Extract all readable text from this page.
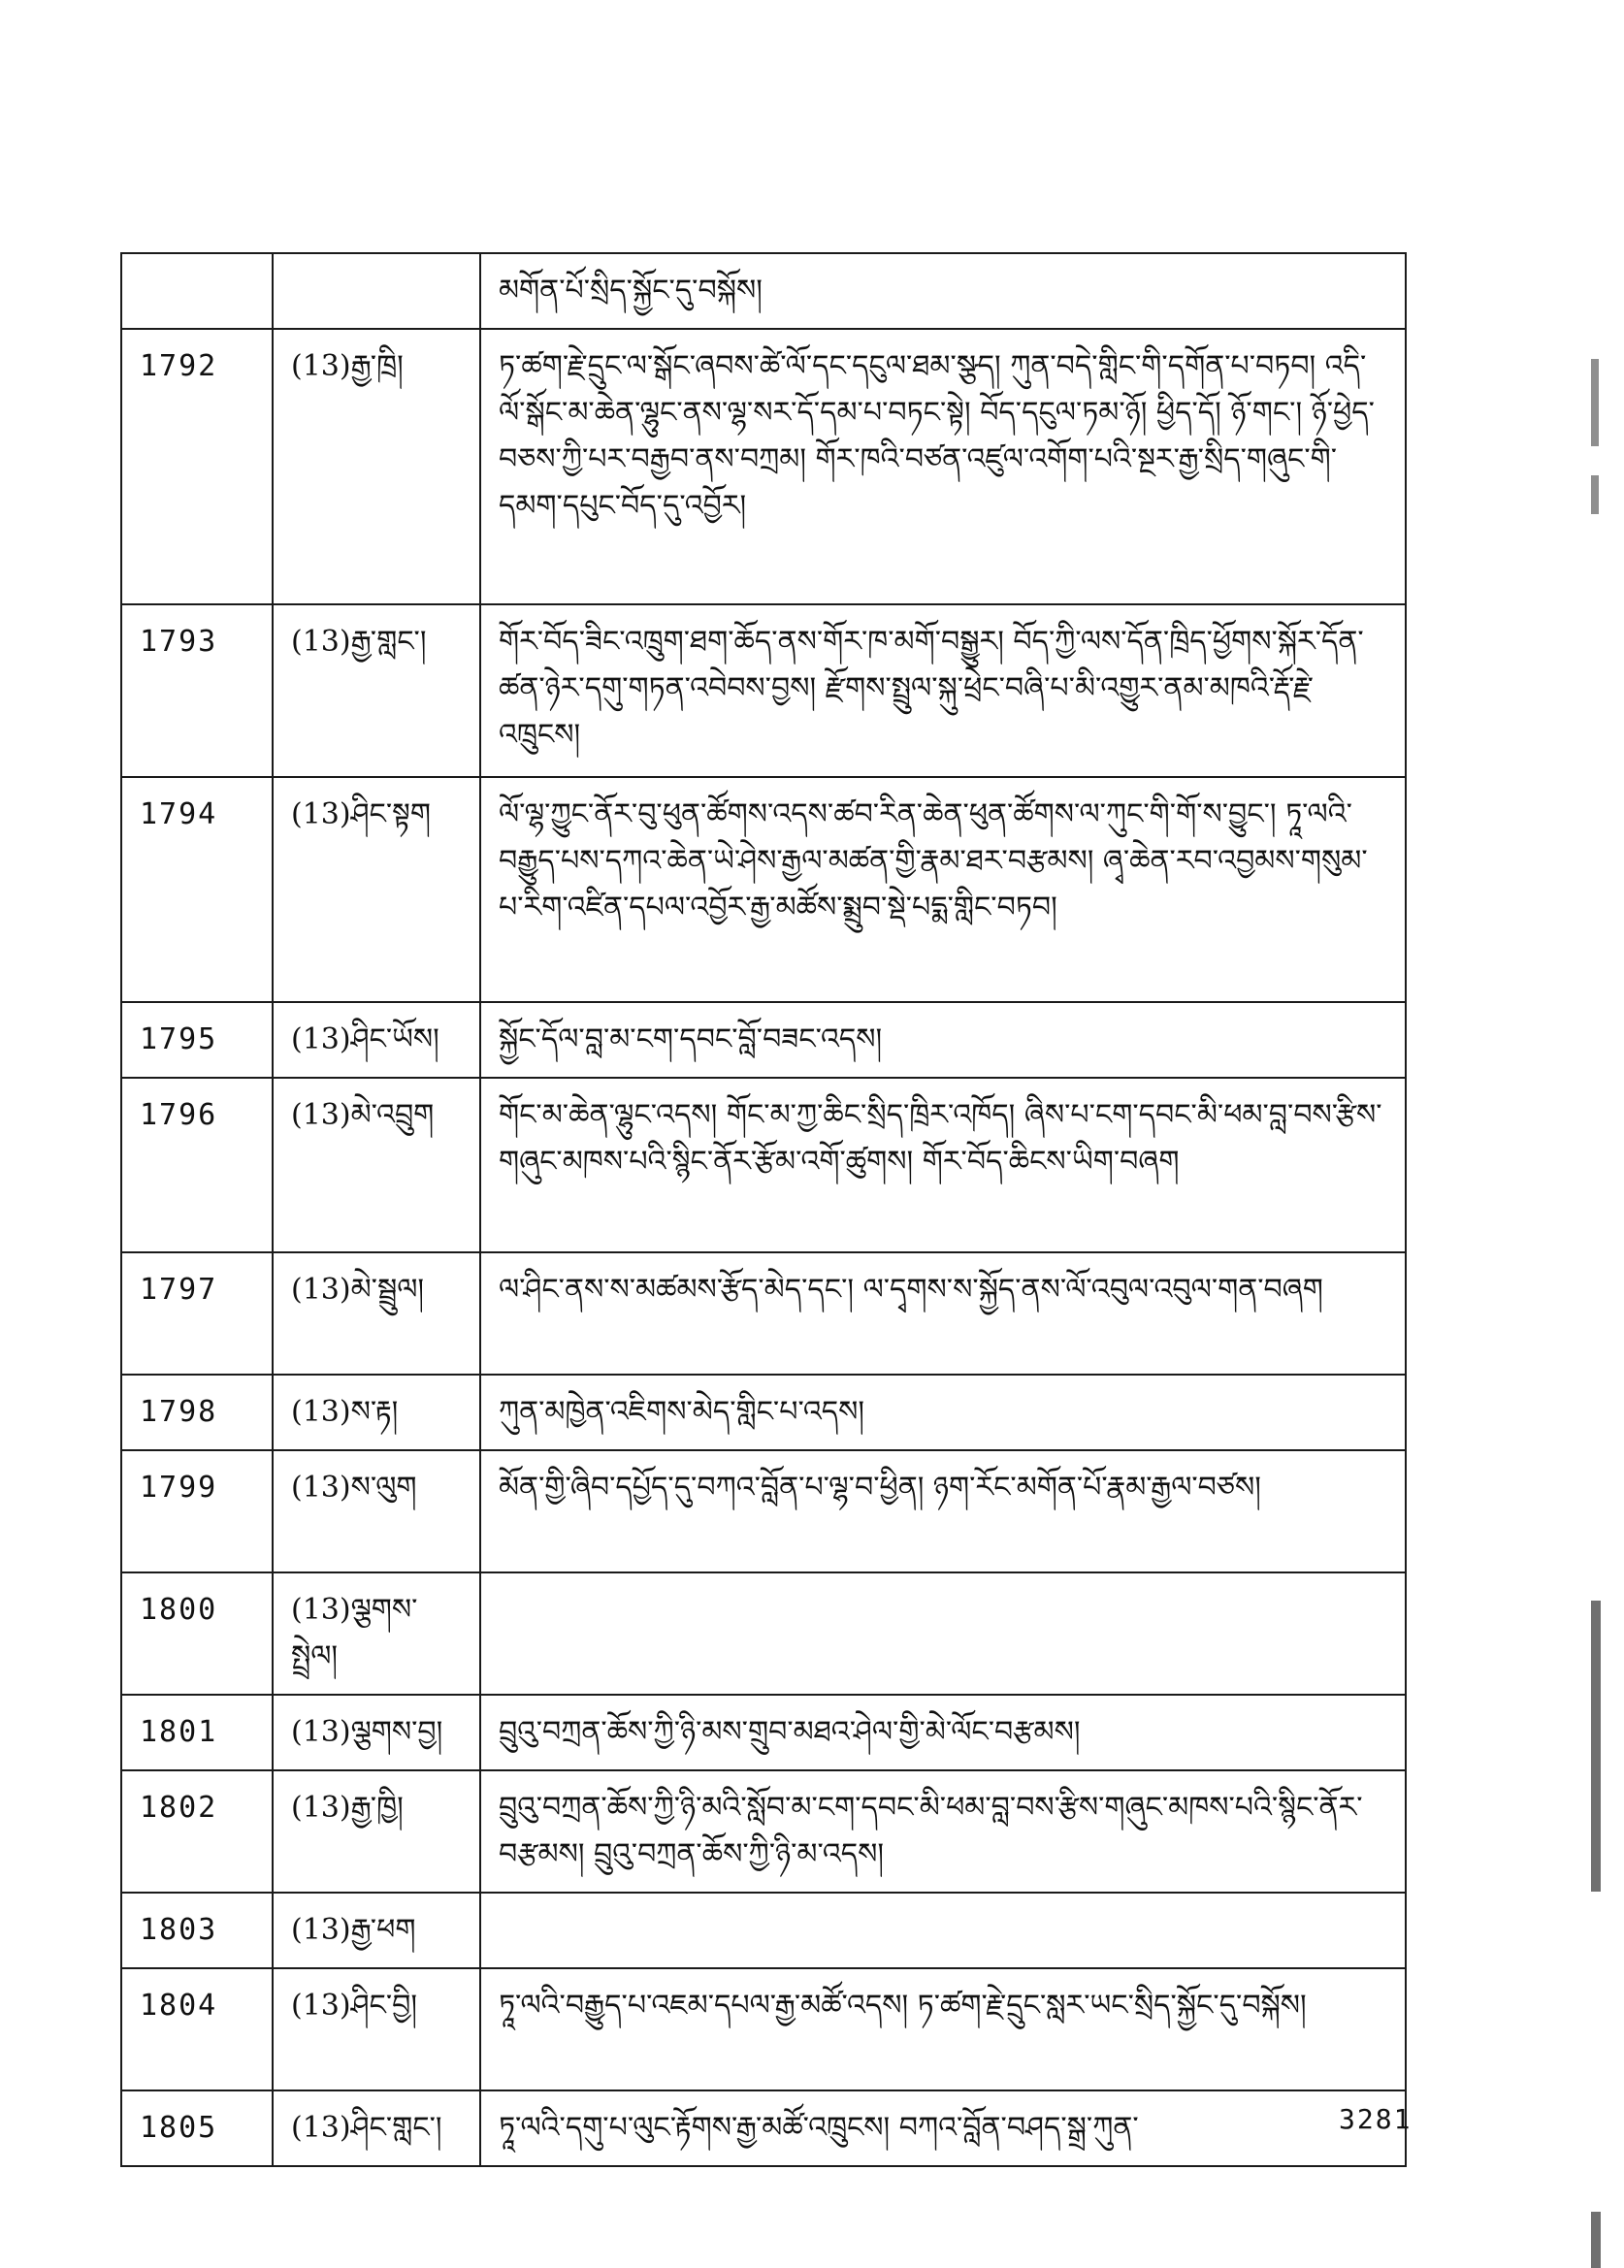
		མགོན་པོ་སྲིད་སྐྱོང་དུ་བསྐོས།
1792	(13)རྒྱ་ཁྲི།	ཏ་ཚག་རྗེ་དྲུང་ལ་སྒོང་ཞབས་ཚེ་ལོ་དང་དངུལ་ཐམ་སྩད། ཀུན་བདེ་གླིང་གི་དགོན་པ་བཏབ། འདི་ལོ་སྒོང་མ་ཆེན་ལྷུང་ནས་ལྷ་སར་དོ་དམ་པ་བཏང་སྟེ། བོད་དངུལ་ཏམ་ཉོ། ཕྱིད་དོ། ཉོ་གང་། ཉོ་ཕྱེད་བཅས་ཀྱི་པར་བརྒྱབ་ནས་བཀྲམ། གོར་ཁའི་བཙན་འཛུལ་འགོག་པའི་སྔར་རྒྱ་སྲིད་གཞུང་གི་དམག་དཔུང་བོད་དུ་འབྱོར།
1793	(13)རྒྱ་གླང་།	གོར་བོད་ཟིང་འཁྲུག་ཐག་ཆོད་ནས་གོར་ཁ་མགོ་བསྒྱུར། བོད་ཀྱི་ལས་དོན་ཁྲིད་ཕྱོགས་སྐོར་དོན་ཚན་ཉེར་དགུ་གཏན་འབེབས་བྱས། རྫོགས་སྤྲུལ་སྐུ་ཕྲེང་བཞི་པ་མི་འགྱུར་ནམ་མཁའི་རྡོ་རྗེ་འཁྲུངས།
1794	(13)ཤིང་སྟག	ལོ་ལྷ་ཀྱུང་ནོར་བུ་ཕུན་ཚོགས་འདས་ཚབ་རིན་ཆེན་ཕུན་ཚོགས་ལ་ཀུང་གི་གོ་ས་བྱུང་། ཏཱ་ལའི་བརྒྱུད་པས་དཀའ་ཆེན་ཡེ་ཤེས་རྒྱལ་མཚན་གྱི་རྣམ་ཐར་བརྩམས། ཞྭ་ཆེན་རབ་འབྱམས་གསུམ་པ་རིག་འཛིན་དཔལ་འབྱོར་རྒྱ་མཚོས་སྨྲུབ་སྡེ་པདྨ་གླིང་བཏབ།
1795	(13)ཤིང་ཡོས།	སྐྱོང་དོལ་བླ་མ་ངག་དབང་བློ་བཟང་འདས།
1796	(13)མེ་འབྲུག	གོང་མ་ཆེན་ལྷུང་འདས། གོང་མ་ཀྱ་ཆིང་སྲིད་ཁྲིར་འཁོད། ཞིས་པ་ངག་དབང་མི་ཕམ་བླ་བས་རྩིས་གཞུང་མཁས་པའི་སྙིང་ནོར་རྩོམ་འགོ་ཚུགས། གོར་བོད་ཆིངས་ཡིག་བཞག
1797	(13)མེ་སྦྲུལ།	ལ་ཤིང་ནས་ས་མཚམས་རྩོད་མེད་དང་། ལ་དྭགས་ས་སྐྱོད་ནས་ལོ་འབུལ་འབུལ་གན་བཞག
1798	(13)ས་རྟ།	ཀུན་མཁྱེན་འཇིགས་མེད་གླིང་པ་འདས།
1799	(13)ས་ལུག	མོན་གྱི་ཞིབ་དཔྱོད་དུ་བཀའ་བློན་པ་ལྷ་བ་ཕྱིན། ཉག་རོང་མགོན་པོ་རྣམ་རྒྱལ་བཙས།
1800	(13)ལྕགས་སྤྲེལ།	
1801	(13)ལྕགས་བྱ།	བྲུའུ་བཀྲན་ཆོས་ཀྱི་ཉི་མས་གྲུབ་མཐའ་ཤེལ་གྱི་མེ་ལོང་བརྩམས།
1802	(13)རྒྱ་ཁྱི།	བྲུའུ་བཀྲན་ཆོས་ཀྱི་ཉི་མའི་སློབ་མ་ངག་དབང་མི་ཕམ་བླ་བས་རྩིས་གཞུང་མཁས་པའི་སྙིང་ནོར་བརྩམས། བྲུའུ་བཀྲན་ཆོས་ཀྱི་ཉི་མ་འདས།
1803	(13)རྒྱ་ཕག	
1804	(13)ཤིང་བྱི།	ཏཱ་ལའི་བརྒྱུད་པ་འཇམ་དཔལ་རྒྱ་མཚོ་འདས། ཏ་ཚག་རྗེ་དྲུང་སླར་ཡང་སྲིད་སྐྱོང་དུ་བསྐོས།
1805	(13)ཤིང་གླང་།	ཏཱ་ལའི་དགུ་པ་ལུང་རྟོགས་རྒྱ་མཚོ་འཁྲུངས། བཀའ་བློན་བཤད་སྒྲ་ཀུན་	3281
